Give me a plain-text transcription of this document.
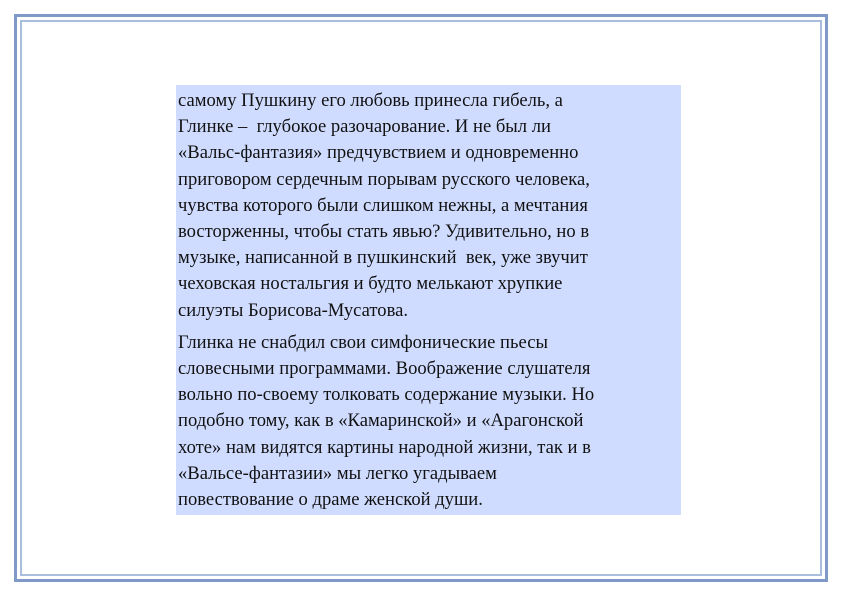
самому Пушкину его любовь принесла гибель, а
Глинке –  глубокое разочарование. И не был ли
«Вальс-фантазия» предчувствием и одновременно
приговором сердечным порывам русского человека,
чувства которого были слишком нежны, а мечтания
восторженны, чтобы стать явью? Удивительно, но в
музыке, написанной в пушкинский  век, уже звучит
чеховская ностальгия и будто мелькают хрупкие
силуэты Борисова-Мусатова.
Глинка не снабдил свои симфонические пьесы
словесными программами. Воображение слушателя
вольно по-своему толковать содержание музыки. Но
подобно тому, как в «Камаринской» и «Арагонской
хоте» нам видятся картины народной жизни, так и в
«Вальсе-фантазии» мы легко угадываем
повествование о драме женской души.
